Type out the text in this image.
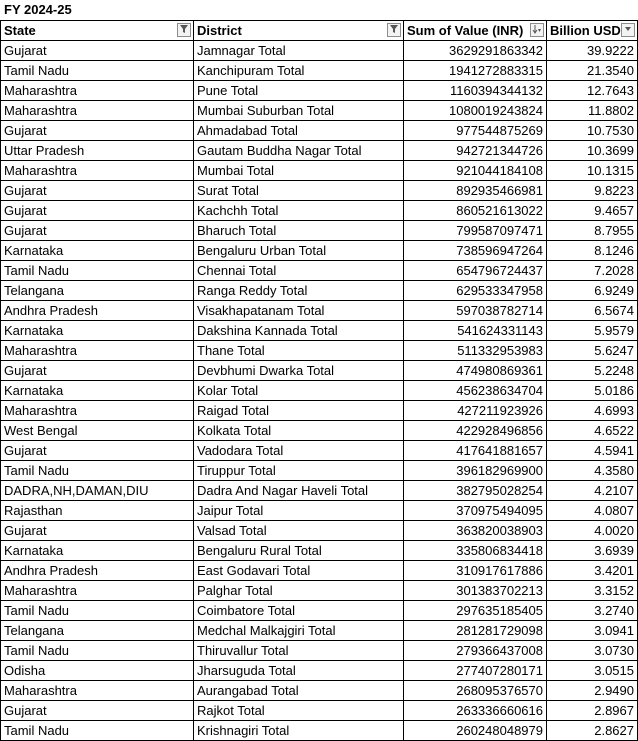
FY 2024-25
State	District	Sum of Value (INR)	Billion USD

Gujarat	Jamnagar Total	3629291863342	39.9222
Tamil Nadu	Kanchipuram Total	1941272883315	21.3540
Maharashtra	Pune Total	1160394344132	12.7643
Maharashtra	Mumbai Suburban Total	1080019243824	11.8802
Gujarat	Ahmadabad Total	977544875269	10.7530
Uttar Pradesh	Gautam Buddha Nagar Total	942721344726	10.3699
Maharashtra	Mumbai Total	921044184108	10.1315
Gujarat	Surat Total	892935466981	9.8223
Gujarat	Kachchh Total	860521613022	9.4657
Gujarat	Bharuch Total	799587097471	8.7955
Karnataka	Bengaluru Urban Total	738596947264	8.1246
Tamil Nadu	Chennai Total	654796724437	7.2028
Telangana	Ranga Reddy Total	629533347958	6.9249
Andhra Pradesh	Visakhapatanam Total	597038782714	6.5674
Karnataka	Dakshina Kannada Total	541624331143	5.9579
Maharashtra	Thane Total	511332953983	5.6247
Gujarat	Devbhumi Dwarka Total	474980869361	5.2248
Karnataka	Kolar Total	456238634704	5.0186
Maharashtra	Raigad Total	427211923926	4.6993
West Bengal	Kolkata Total	422928496856	4.6522
Gujarat	Vadodara Total	417641881657	4.5941
Tamil Nadu	Tiruppur Total	396182969900	4.3580
DADRA,NH,DAMAN,DIU	Dadra And Nagar Haveli Total	382795028254	4.2107
Rajasthan	Jaipur Total	370975494095	4.0807
Gujarat	Valsad Total	363820038903	4.0020
Karnataka	Bengaluru Rural Total	335806834418	3.6939
Andhra Pradesh	East Godavari Total	310917617886	3.4201
Maharashtra	Palghar Total	301383702213	3.3152
Tamil Nadu	Coimbatore Total	297635185405	3.2740
Telangana	Medchal Malkajgiri Total	281281729098	3.0941
Tamil Nadu	Thiruvallur Total	279366437008	3.0730
Odisha	Jharsuguda Total	277407280171	3.0515
Maharashtra	Aurangabad Total	268095376570	2.9490
Gujarat	Rajkot Total	263336660616	2.8967
Tamil Nadu	Krishnagiri Total	260248048979	2.8627
